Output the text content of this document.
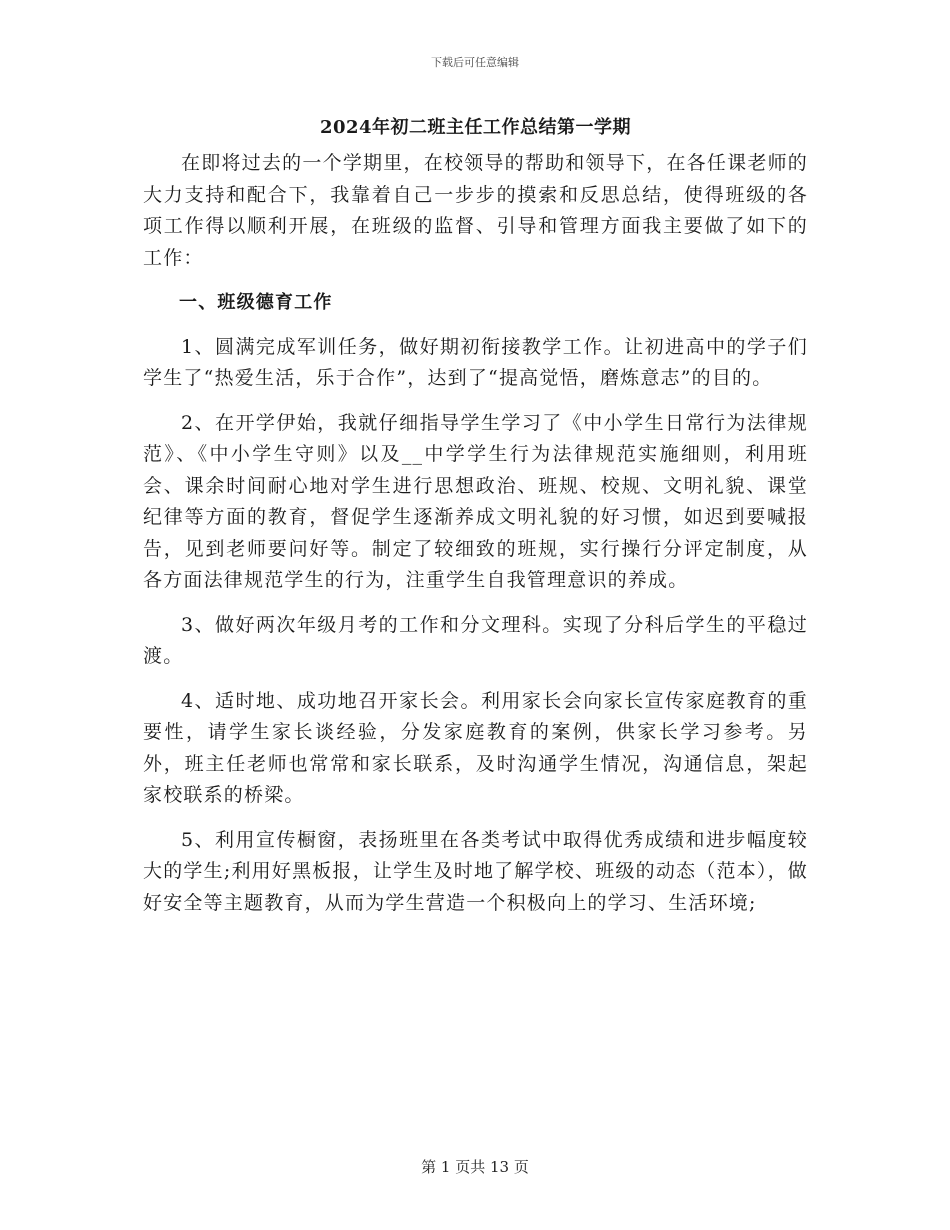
下载后可任意编辑
2024年初二班主任工作总结第一学期

在即将过去的一个学期里，在校领导的帮助和领导下，在各任课老师的大力支持和配合下，我靠着自己一步步的摸索和反思总结，使得班级的各项工作得以顺利开展，在班级的监督、引导和管理方面我主要做了如下的工作：

一、班级德育工作

1、圆满完成军训任务，做好期初衔接教学工作。让初进高中的学子们学生了“热爱生活，乐于合作”，达到了“提高觉悟，磨炼意志”的目的。

2、在开学伊始，我就仔细指导学生学习了《中小学生日常行为法律规范》、《中小学生守则》以及__中学学生行为法律规范实施细则，利用班会、课余时间耐心地对学生进行思想政治、班规、校规、文明礼貌、课堂纪律等方面的教育，督促学生逐渐养成文明礼貌的好习惯，如迟到要喊报告，见到老师要问好等。制定了较细致的班规，实行操行分评定制度，从各方面法律规范学生的行为，注重学生自我管理意识的养成。

3、做好两次年级月考的工作和分文理科。实现了分科后学生的平稳过渡。

4、适时地、成功地召开家长会。利用家长会向家长宣传家庭教育的重要性，请学生家长谈经验，分发家庭教育的案例，供家长学习参考。另外，班主任老师也常常和家长联系，及时沟通学生情况，沟通信息，架起家校联系的桥梁。

5、利用宣传橱窗，表扬班里在各类考试中取得优秀成绩和进步幅度较大的学生;利用好黑板报，让学生及时地了解学校、班级的动态（范本），做好安全等主题教育，从而为学生营造一个积极向上的学习、生活环境;

第 1 页共 13 页
